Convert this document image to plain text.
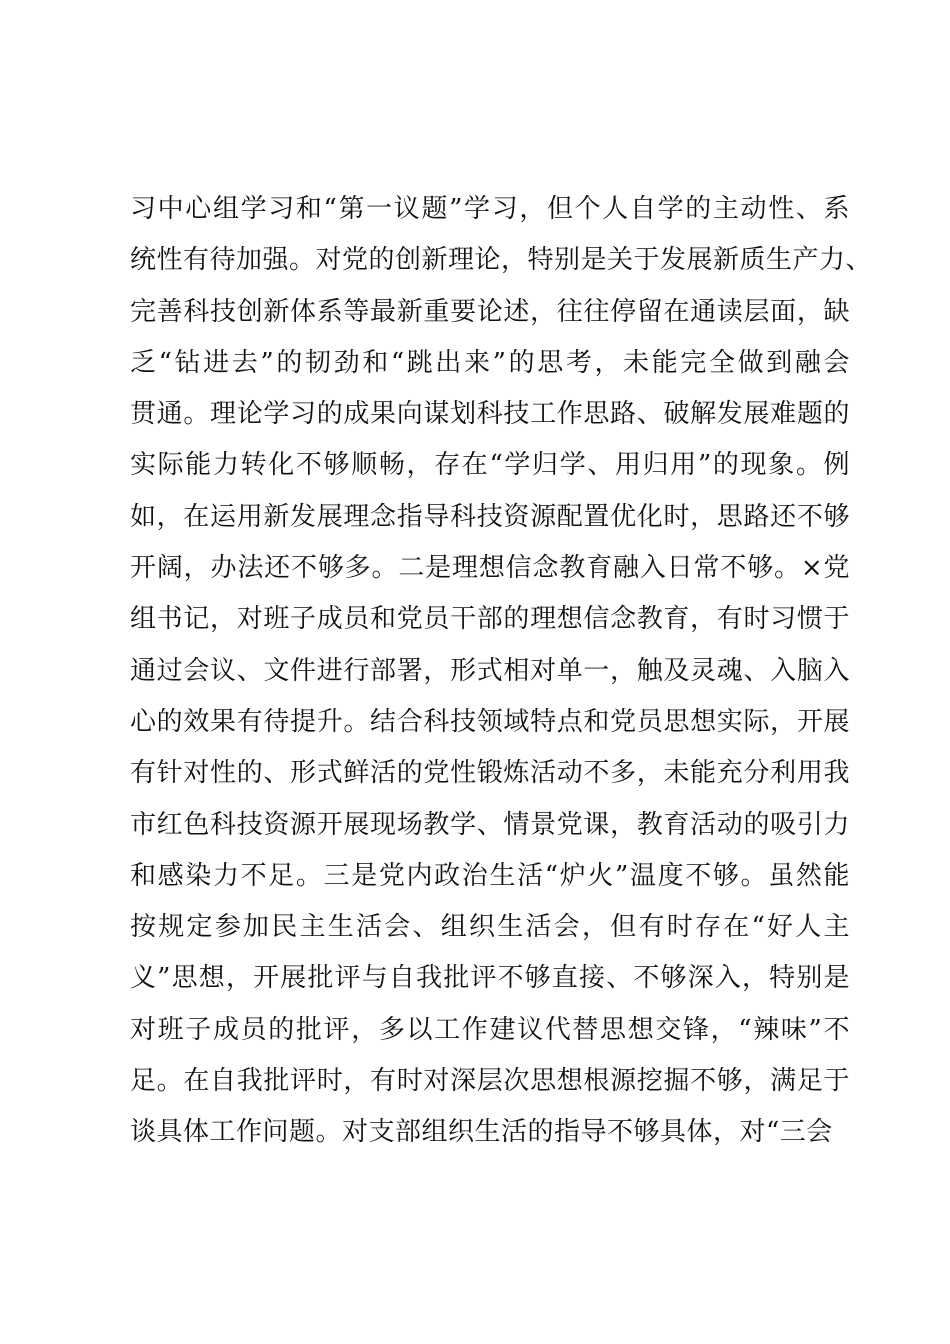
习中心组学习和“第一议题”学习，但个人自学的主动性、系
统性有待加强。对党的创新理论，特别是关于发展新质生产力、
完善科技创新体系等最新重要论述，往往停留在通读层面，缺
乏“钻进去”的韧劲和“跳出来”的思考，未能完全做到融会
贯通。理论学习的成果向谋划科技工作思路、破解发展难题的
实际能力转化不够顺畅，存在“学归学、用归用”的现象。例
如，在运用新发展理念指导科技资源配置优化时，思路还不够
开阔，办法还不够多。二是理想信念教育融入日常不够。×党
组书记，对班子成员和党员干部的理想信念教育，有时习惯于
通过会议、文件进行部署，形式相对单一，触及灵魂、入脑入
心的效果有待提升。结合科技领域特点和党员思想实际，开展
有针对性的、形式鲜活的党性锻炼活动不多，未能充分利用我
市红色科技资源开展现场教学、情景党课，教育活动的吸引力
和感染力不足。三是党内政治生活“炉火”温度不够。虽然能
按规定参加民主生活会、组织生活会，但有时存在“好人主
义”思想，开展批评与自我批评不够直接、不够深入，特别是
对班子成员的批评，多以工作建议代替思想交锋，“辣味”不
足。在自我批评时，有时对深层次思想根源挖掘不够，满足于
谈具体工作问题。对支部组织生活的指导不够具体，对“三会
